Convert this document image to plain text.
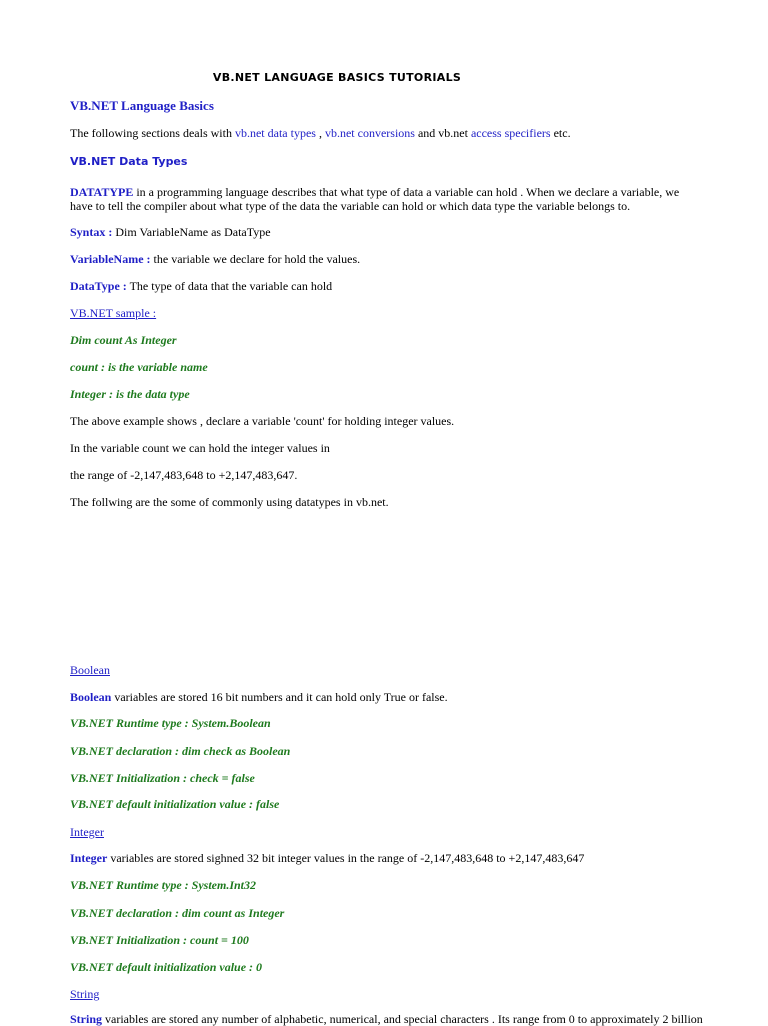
VB.NET LANGUAGE BASICS TUTORIALS
VB.NET Language Basics
The following sections deals with vb.net data types , vb.net conversions and vb.net access specifiers etc.
VB.NET Data Types
DATATYPE in a programming language describes that what type of data a variable can hold . When we declare a variable, we have to tell the compiler about what type of the data the variable can hold or which data type the variable belongs to.
Syntax : Dim VariableName as DataType
VariableName : the variable we declare for hold the values.
DataType : The type of data that the variable can hold
VB.NET sample :
Dim count As Integer
count : is the variable name
Integer : is the data type
The above example shows , declare a variable 'count' for holding integer values.
In the variable count we can hold the integer values in
the range of -2,147,483,648 to +2,147,483,647.
The follwing are the some of commonly using datatypes in vb.net.
Boolean
Boolean variables are stored 16 bit numbers and it can hold only True or false.
VB.NET Runtime type : System.Boolean
VB.NET declaration : dim check as Boolean
VB.NET Initialization : check = false
VB.NET default initialization value : false
Integer
Integer variables are stored sighned 32 bit integer values in the range of -2,147,483,648 to +2,147,483,647
VB.NET Runtime type : System.Int32
VB.NET declaration : dim count as Integer
VB.NET Initialization : count = 100
VB.NET default initialization value : 0
String
String variables are stored any number of alphabetic, numerical, and special characters . Its range from 0 to approximately 2 billion
